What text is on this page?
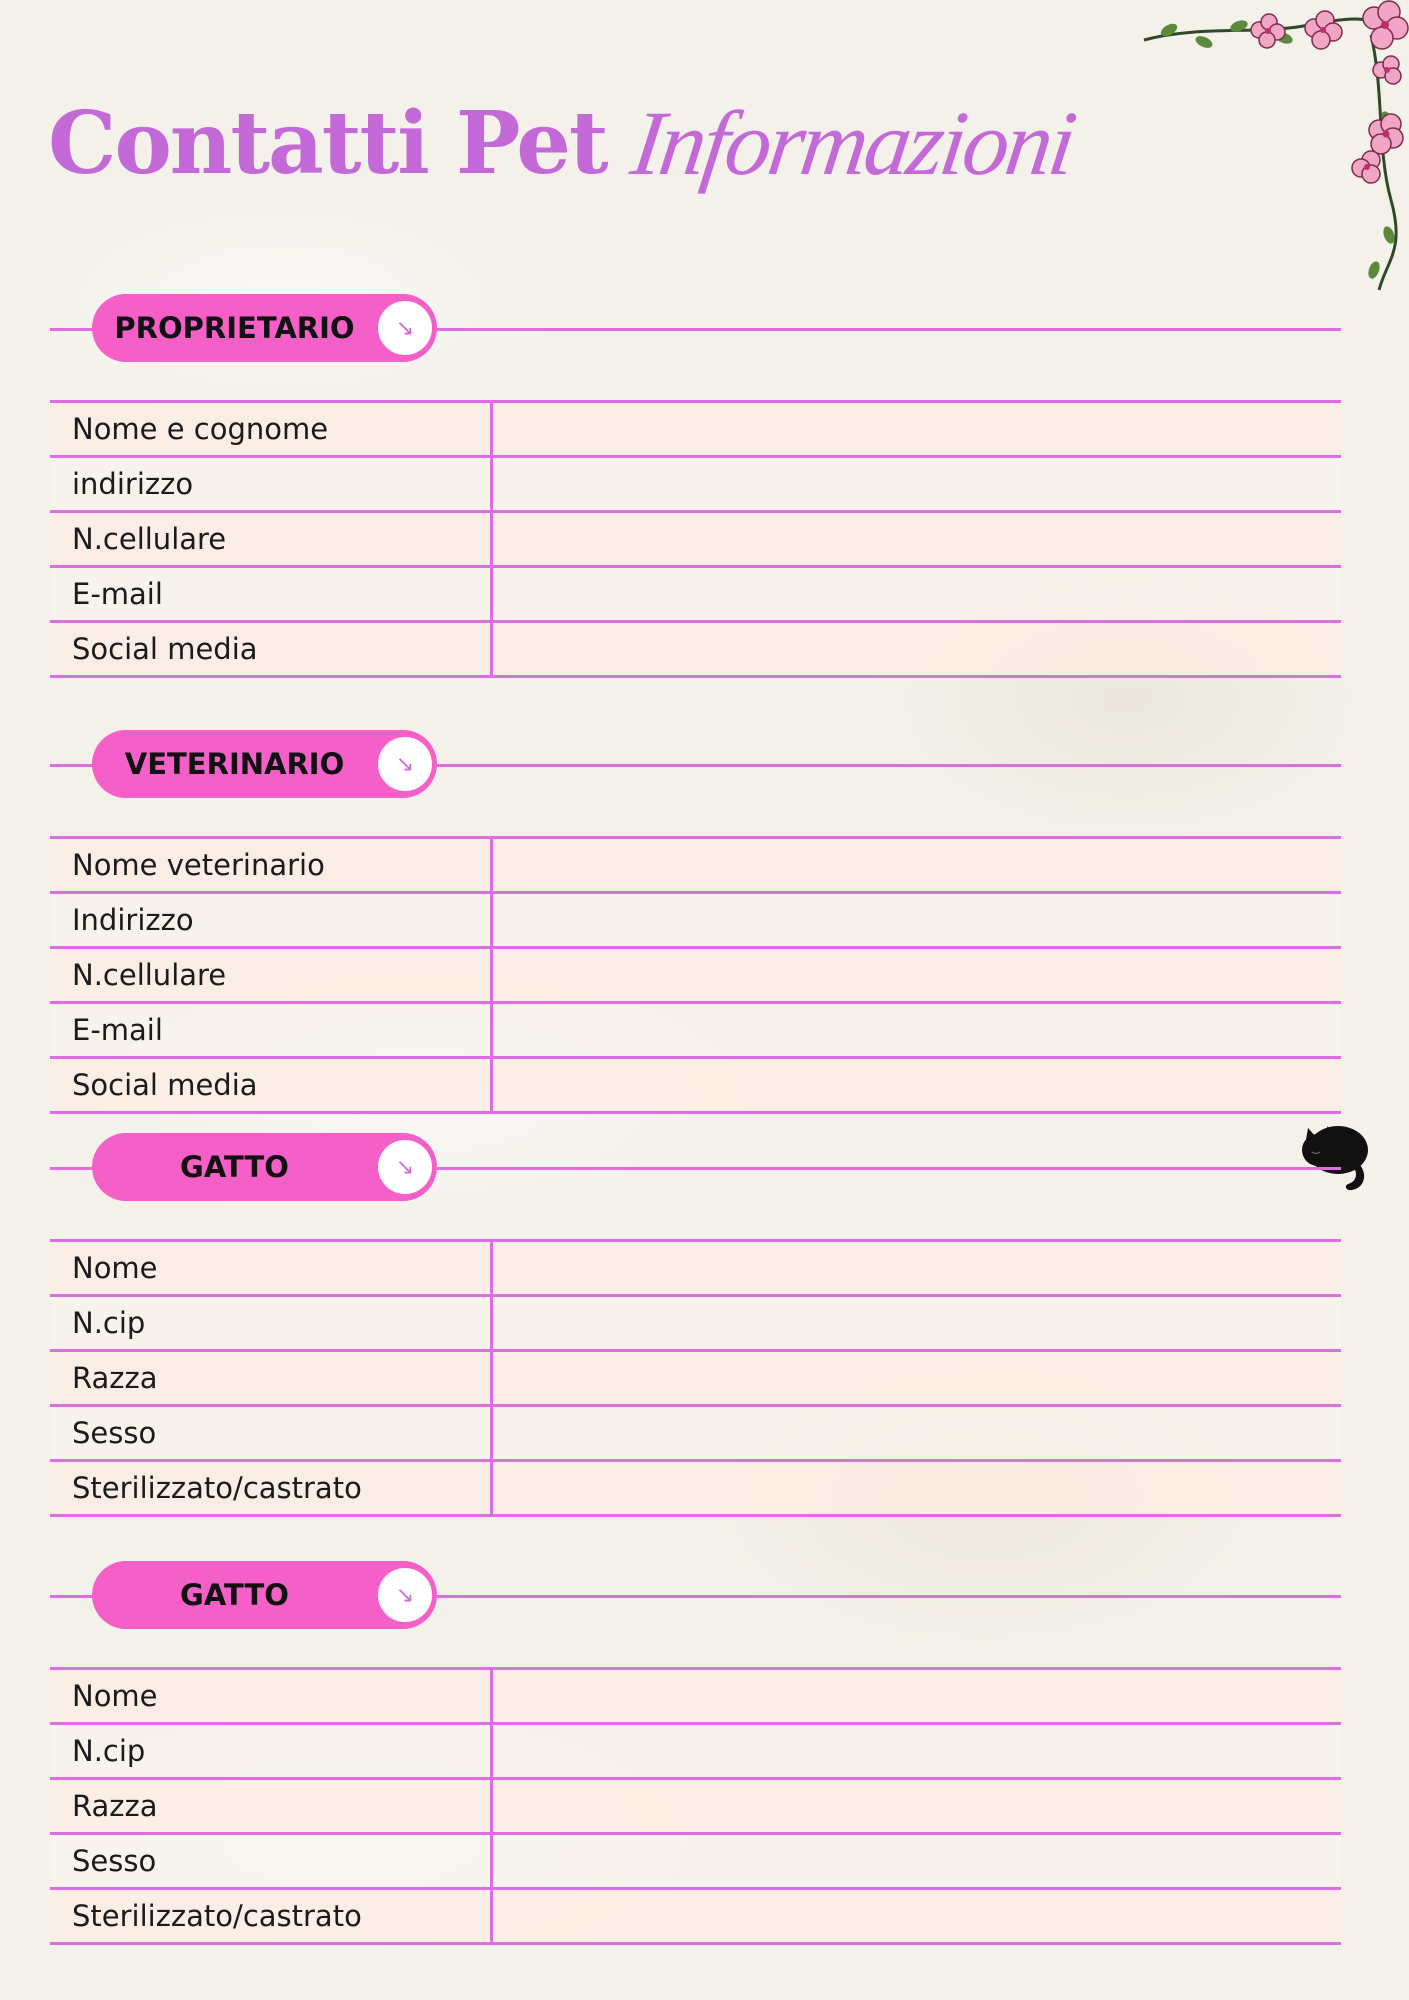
Contatti Pet Informazioni
PROPRIETARIO	↘
Nome e cognome
indirizzo
N.cellulare
E-mail
Social media
VETERINARIO	↘
Nome veterinario
Indirizzo
N.cellulare
E-mail
Social media
GATTO	↘
Nome
N.cip
Razza
Sesso
Sterilizzato/castrato
GATTO	↘
Nome
N.cip
Razza
Sesso
Sterilizzato/castrato
